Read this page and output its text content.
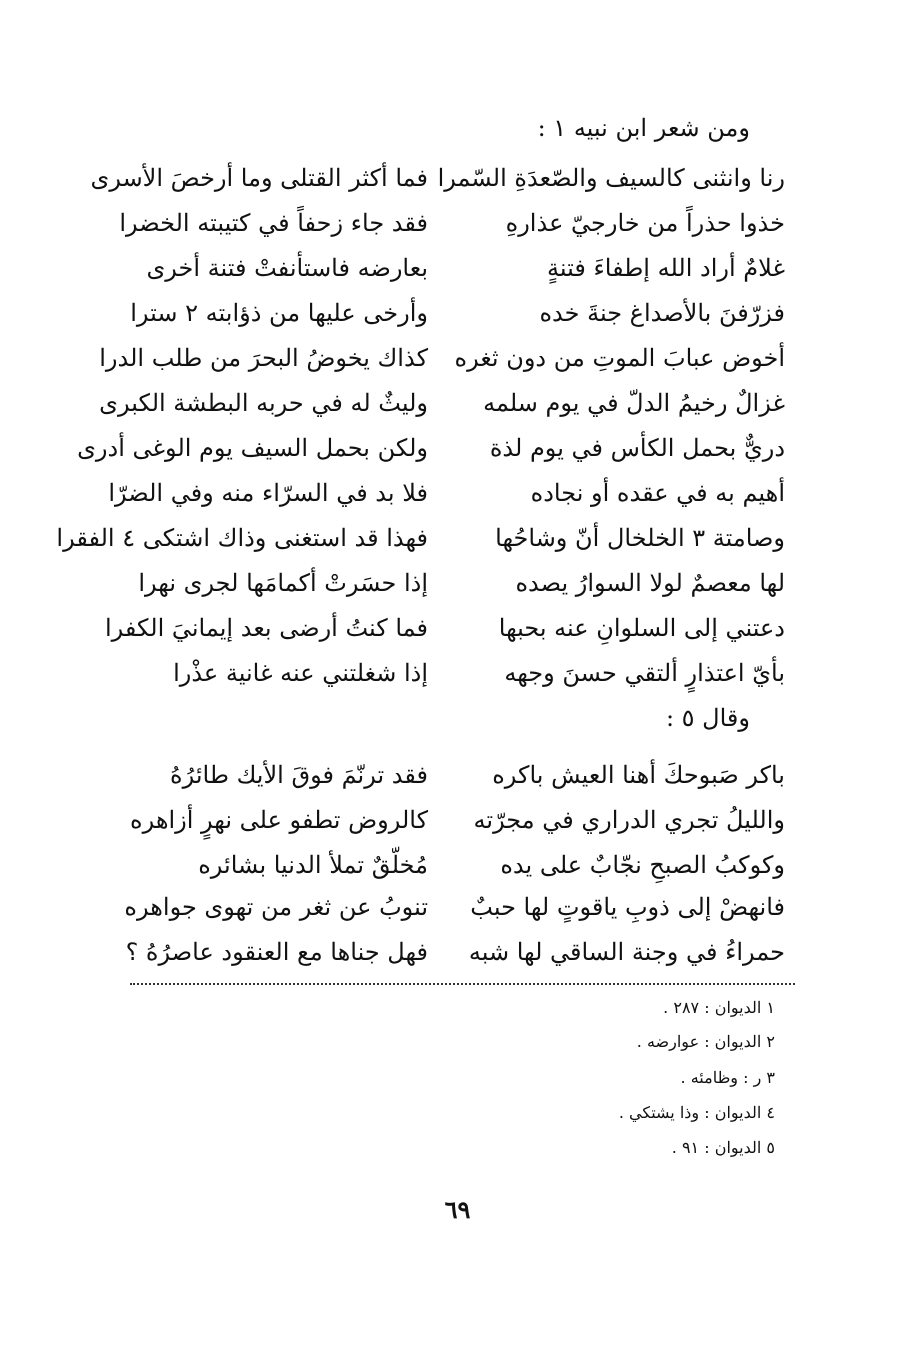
ومن شعر ابن نبيه ١ :
رنا وانثنى كالسيف والصّعدَةِ السّمرا
فما أكثر القتلى وما أرخصَ الأسرى
خذوا حذراً من خارجيّ عذارهِ
فقد جاء زحفاً في كتيبته الخضرا
غلامٌ أراد الله إطفاءَ فتنةٍ
بعارضه فاستأنفتْ فتنة أخرى
فزرّفنَ بالأصداغ جنةَ خده
وأرخى عليها من ذؤابته ٢ سترا
أخوض عبابَ الموتِ من دون ثغره
كذاك يخوضُ البحرَ من طلب الدرا
غزالٌ رخيمُ الدلّ في يوم سلمه
وليثٌ له في حربه البطشة الكبرى
دريٌّ بحمل الكأس في يوم لذة
ولكن بحمل السيف يوم الوغى أدرى
أهيم به في عقده أو نجاده
فلا بد في السرّاء منه وفي الضرّا
وصامتة ٣ الخلخال أنّ وشاحُها
فهذا قد استغنى وذاك اشتكى ٤ الفقرا
لها معصمٌ لولا السوارُ يصده
إذا حسَرتْ أكمامَها لجرى نهرا
دعتني إلى السلوانِ عنه بحبها
فما كنتُ أرضى بعد إيمانيَ الكفرا
بأيّ اعتذارٍ ألتقي حسنَ وجهه
إذا شغلتني عنه غانية عذْرا
وقال ٥ :
باكر صَبوحكَ أهنا العيش باكره
فقد ترنّمَ فوقَ الأيك طائرُهُ
والليلُ تجري الدراري في مجرّته
كالروض تطفو على نهرٍ أزاهره
وكوكبُ الصبحِ نجّابٌ على يده
مُخلّقٌ تملأ الدنيا بشائره
فانهضْ إلى ذوبِ ياقوتٍ لها حببٌ
تنوبُ عن ثغر من تهوى جواهره
حمراءُ في وجنة الساقي لها شبه
فهل جناها مع العنقود عاصرُهُ ؟
١ الديوان : ٢٨٧ .
٢ الديوان : عوارضه .
٣ ر : وظامئه .
٤ الديوان : وذا يشتكي .
٥ الديوان : ٩١ .
٦٩
